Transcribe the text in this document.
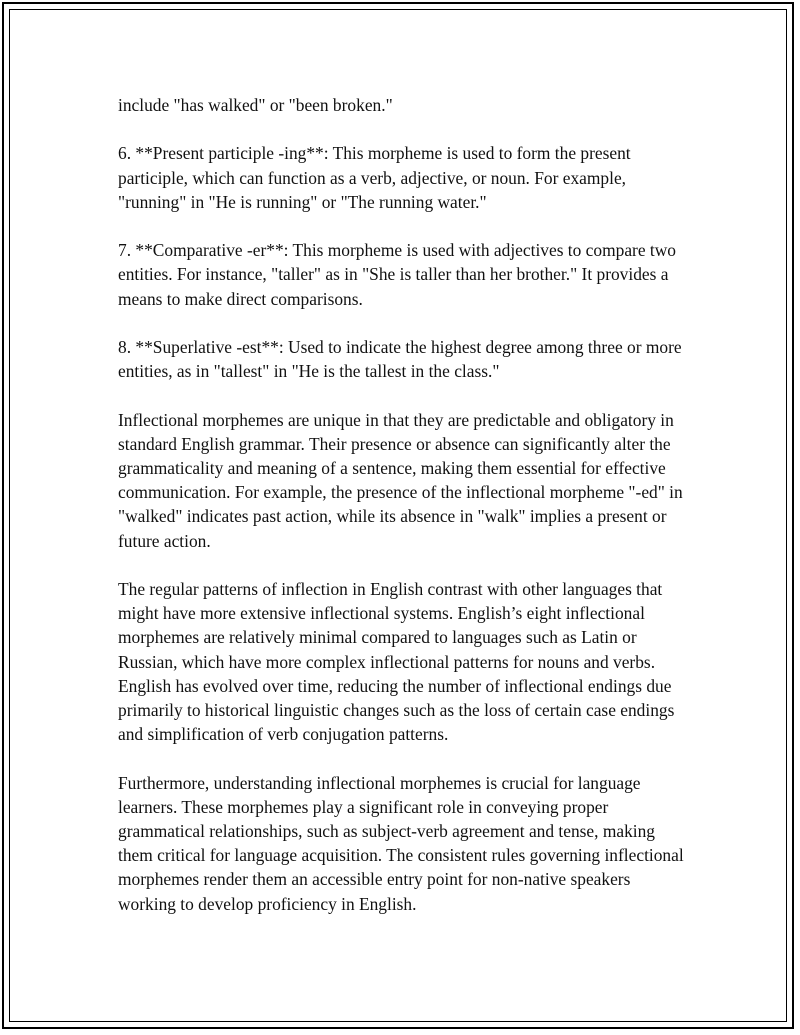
include "has walked" or "been broken."

6. **Present participle -ing**: This morpheme is used to form the present participle, which can function as a verb, adjective, or noun. For example, "running" in "He is running" or "The running water."

7. **Comparative -er**: This morpheme is used with adjectives to compare two entities. For instance, "taller" as in "She is taller than her brother." It provides a means to make direct comparisons.

8. **Superlative -est**: Used to indicate the highest degree among three or more entities, as in "tallest" in "He is the tallest in the class."

Inflectional morphemes are unique in that they are predictable and obligatory in standard English grammar. Their presence or absence can significantly alter the grammaticality and meaning of a sentence, making them essential for effective communication. For example, the presence of the inflectional morpheme "-ed" in "walked" indicates past action, while its absence in "walk" implies a present or future action.

The regular patterns of inflection in English contrast with other languages that might have more extensive inflectional systems. English’s eight inflectional morphemes are relatively minimal compared to languages such as Latin or Russian, which have more complex inflectional patterns for nouns and verbs. English has evolved over time, reducing the number of inflectional endings due primarily to historical linguistic changes such as the loss of certain case endings and simplification of verb conjugation patterns.

Furthermore, understanding inflectional morphemes is crucial for language learners. These morphemes play a significant role in conveying proper grammatical relationships, such as subject-verb agreement and tense, making them critical for language acquisition. The consistent rules governing inflectional morphemes render them an accessible entry point for non-native speakers working to develop proficiency in English.
